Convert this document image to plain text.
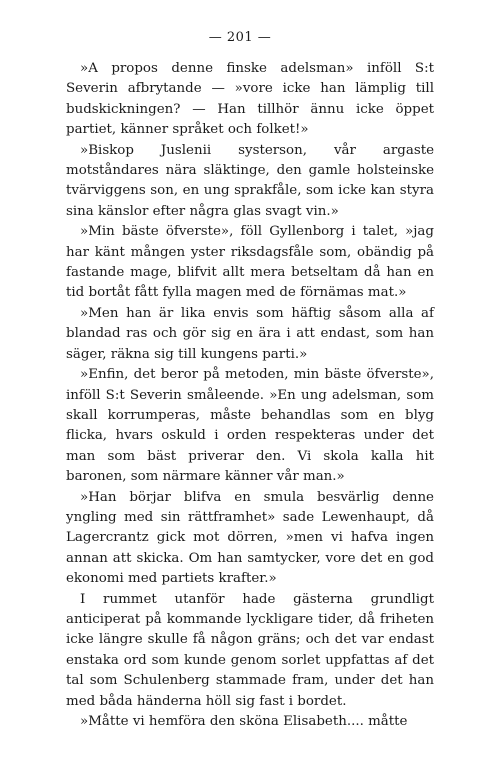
— 201 —

»A propos denne finske adelsman» inföll S:t Severin afbrytande — »vore icke han lämplig till budskickningen? — Han tillhör ännu icke öppet partiet, känner språket och folket!»

»Biskop Juslenii systerson, vår argaste motståndares nära släktinge, den gamle holsteinske tvärviggens son, en ung sprakfåle, som icke kan styra sina känslor efter några glas svagt vin.»

»Min bäste öfverste», föll Gyllenborg i talet, »jag har känt mången yster riksdagsfåle som, obändig på fastande mage, blifvit allt mera betseltam då han en tid bortåt fått fylla magen med de förnämas mat.»

»Men han är lika envis som häftig såsom alla af blandad ras och gör sig en ära i att endast, som han säger, räkna sig till kungens parti.»

»Enfin, det beror på metoden, min bäste öfverste», inföll S:t Severin småleende. »En ung adelsman, som skall korrumperas, måste behandlas som en blyg flicka, hvars oskuld i orden respekteras under det man som bäst priverar den. Vi skola kalla hit baronen, som närmare känner vår man.»

»Han börjar blifva en smula besvärlig denne yngling med sin rättframhet» sade Lewenhaupt, då Lagercrantz gick mot dörren, »men vi hafva ingen annan att skicka. Om han samtycker, vore det en god ekonomi med partiets krafter.»

I rummet utanför hade gästerna grundligt anticiperat på kommande lyckligare tider, då friheten icke längre skulle få någon gräns; och det var endast enstaka ord som kunde genom sorlet uppfattas af det tal som Schulenberg stammade fram, under det han med båda händerna höll sig fast i bordet.

»Måtte vi hemföra den sköna Elisabeth.... måtte
